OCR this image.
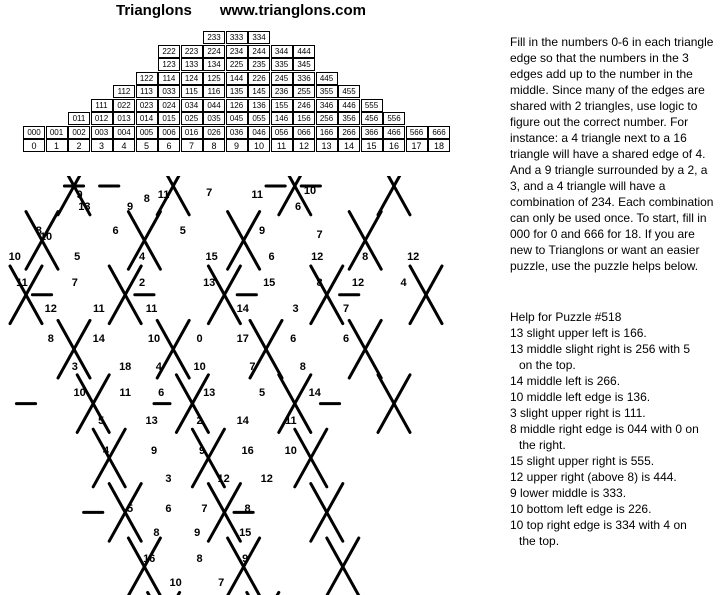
Trianglons www.trianglons.com
233	333	334
222	223	224	234	244	344	444
123	133	134	225	235	335	345
122	114	124	125	144	226	245	336	445
112	113	033	115	116	135	145	236	255	355	455
111	022	023	024	034	044	126	136	155	246	346	446	555
011	012	013	014	015	025	035	045	055	146	156	256	356	456	556
000	001	002	003	004	005	006	016	026	036	046	056	066	166	266	366	466	566	666
0	1	2	3	4	5	6	7	8	9	10	11	12	13	14	15	16	17	18
9	8 11	7	11	10
13	9	6
8	6	5
10	9	7
10	5	4	15	6	12	8	12
11	7	2	13	15	8	12	4
12	11	11	14	3	7
8	14	10	0	17	6	6
3	18 4	10	7	8
10	11 6	13	5	14
5	13	2	14	11
4	9	9	16	10
3	12	12
5	6	7	8
8	9	15
16	8	9
10	7
Fill in the numbers 0-6 in each triangle edge so that the numbers in the 3 edges add up to the number in the middle. Since many of the edges are shared with 2 triangles, use logic to figure out the correct number. For instance: a 4 triangle next to a 16 triangle will have a shared edge of 4. And a 9 triangle surrounded by a 2, a 3, and a 4 triangle will have a combination of 234. Each combination can only be used once. To start, fill in 000 for 0 and 666 for 18. If you are new to Trianglons or want an easier puzzle, use the puzzle helps below.
Help for Puzzle #518
13 slight upper left is 166.
13 middle slight right is 256 with 5
on the top.
14 middle left is 266.
10 middle left edge is 136.
3 slight upper right is 111.
8 middle right edge is 044 with 0 on
the right.
15 slight upper right is 555.
12 upper right (above 8) is 444.
9 lower middle is 333.
10 bottom left edge is 226.
10 top right edge is 334 with 4 on
the top.
